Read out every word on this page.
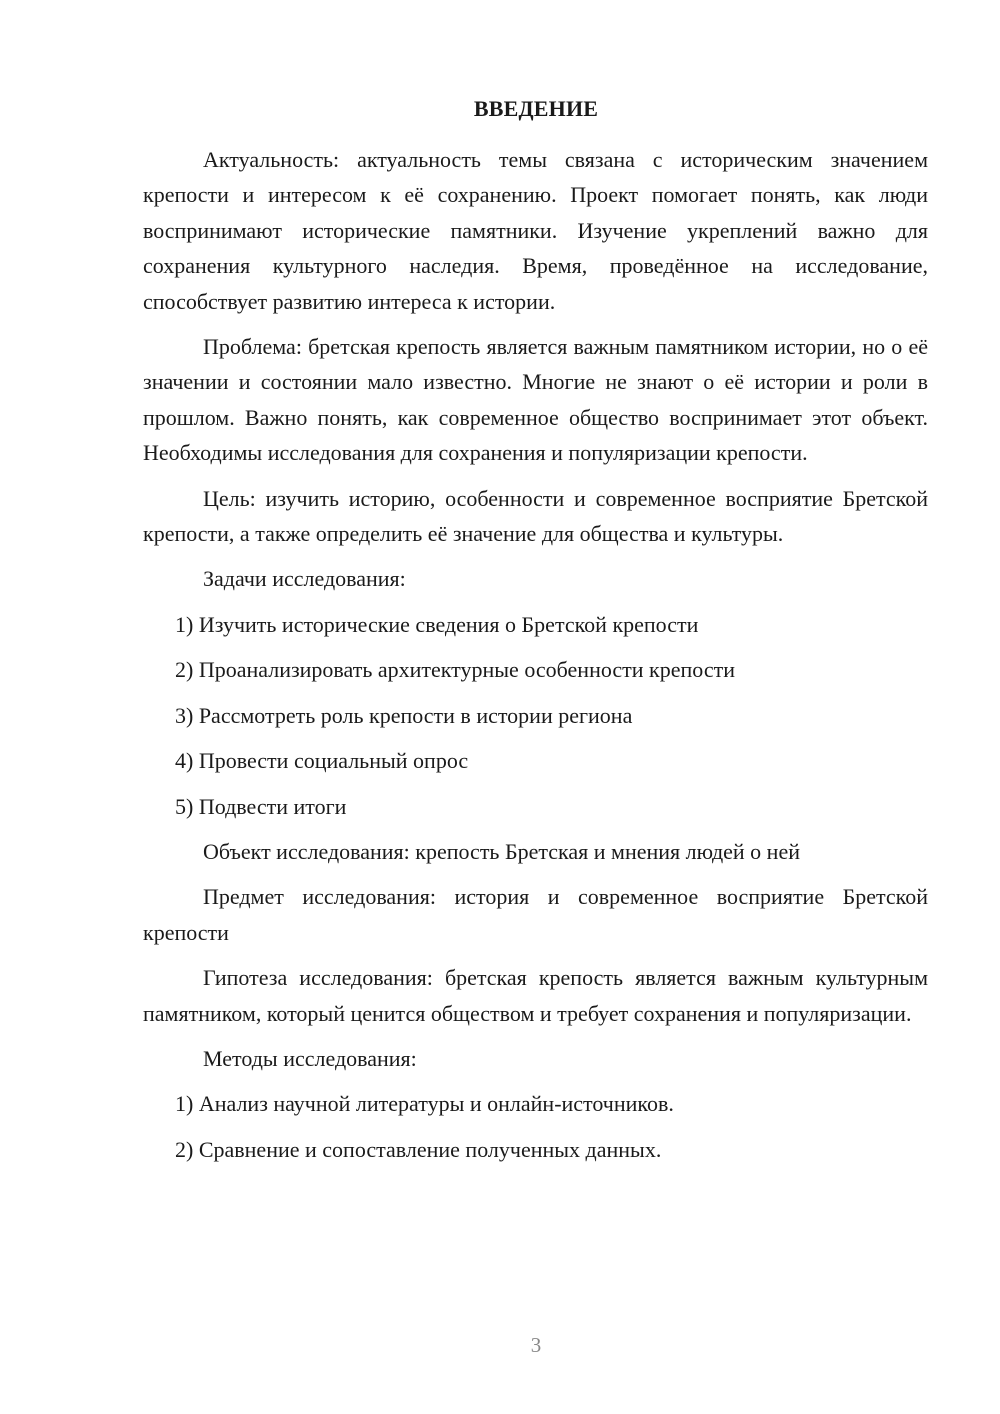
ВВЕДЕНИЕ

Актуальность: актуальность темы связана с историческим значением крепости и интересом к её сохранению. Проект помогает понять, как люди воспринимают исторические памятники. Изучение укреплений важно для сохранения культурного наследия. Время, проведённое на исследование, способствует развитию интереса к истории.

Проблема: бретская крепость является важным памятником истории, но о её значении и состоянии мало известно. Многие не знают о её истории и роли в прошлом. Важно понять, как современное общество воспринимает этот объект. Необходимы исследования для сохранения и популяризации крепости.

Цель: изучить историю, особенности и современное восприятие Бретской крепости, а также определить её значение для общества и культуры.

Задачи исследования:

1) Изучить исторические сведения о Бретской крепости

2) Проанализировать архитектурные особенности крепости

3) Рассмотреть роль крепости в истории региона

4) Провести социальный опрос

5) Подвести итоги

Объект исследования: крепость Бретская и мнения людей о ней

Предмет исследования: история и современное восприятие Бретской крепости

Гипотеза исследования: бретская крепость является важным культурным памятником, который ценится обществом и требует сохранения и популяризации.

Методы исследования:

1) Анализ научной литературы и онлайн-источников.

2) Сравнение и сопоставление полученных данных.

3
